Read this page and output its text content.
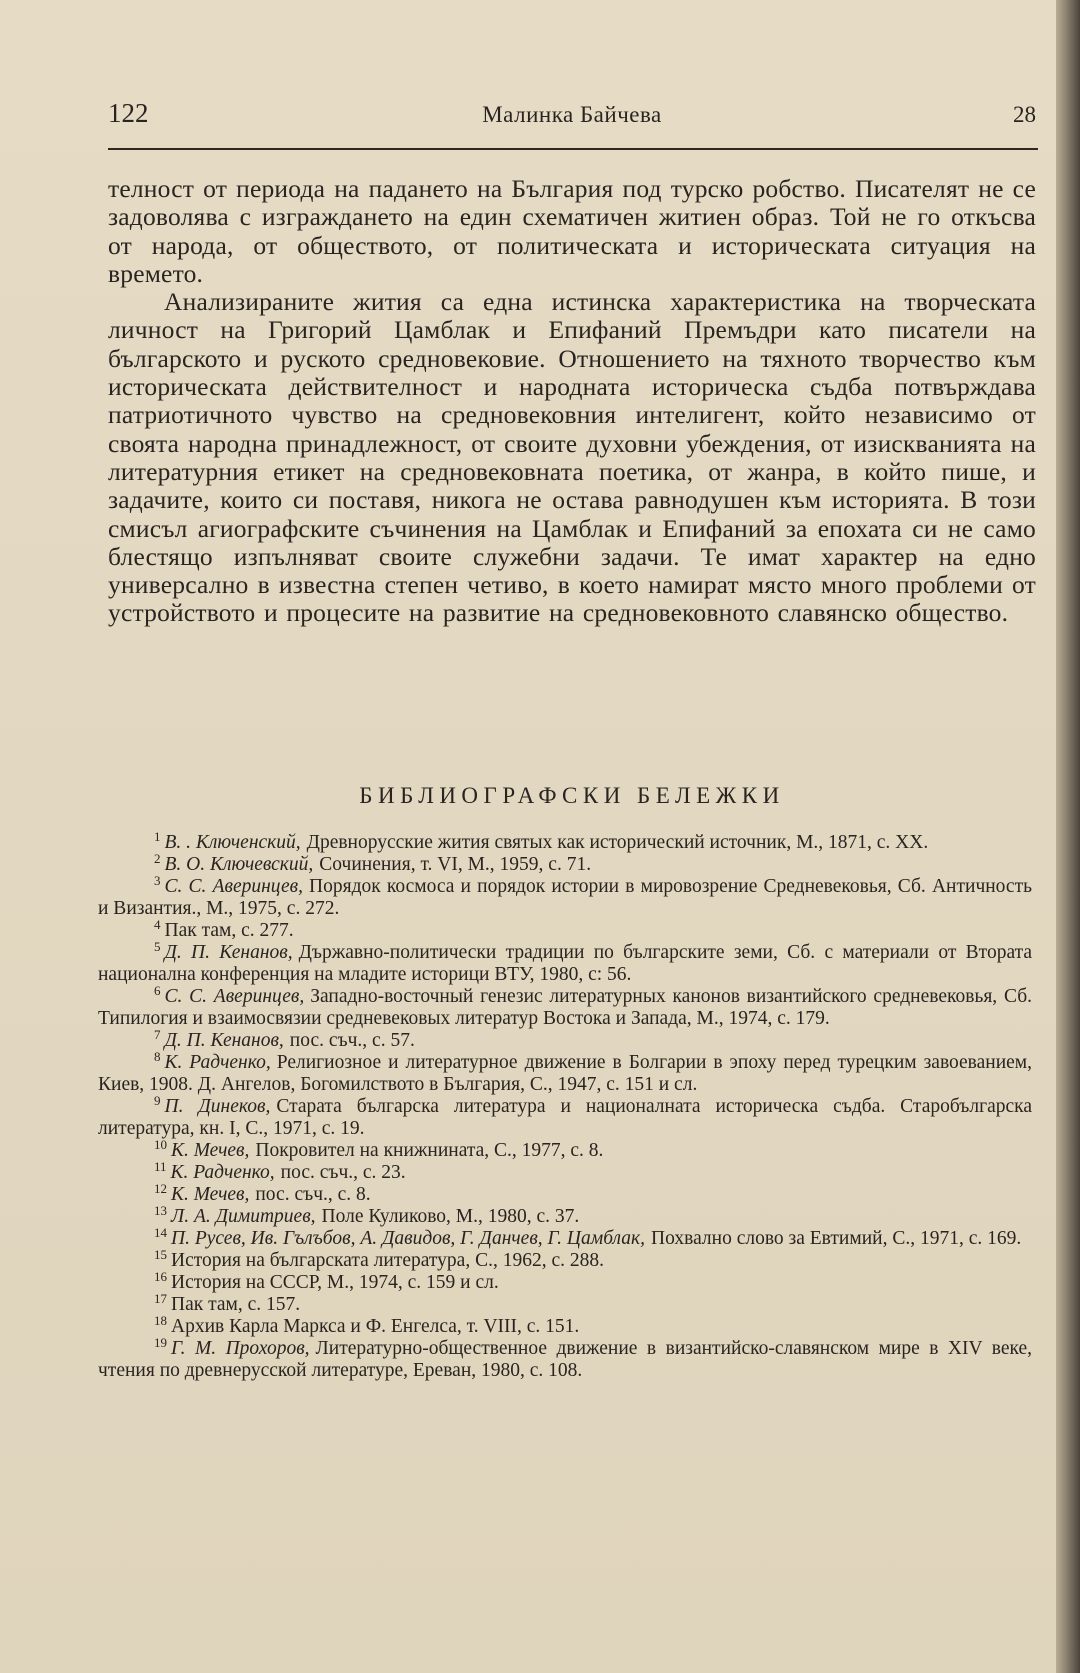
122	Малинка Байчева	28

телност от периода на падането на България под турско робство. Писателят не се задоволява с изграждането на един схематичен житиен образ. Той не го откъсва от народа, от обществото, от политическата и историческата ситуация на времето.

Анализираните жития са една истинска характеристика на творческата личност на Григорий Цамблак и Епифаний Премъдри като писатели на българското и руското средновековие. Отношението на тяхното творчество към историческата действителност и народната историческа съдба потвърждава патриотичното чувство на средновековния интелигент, който независимо от своята народна принадлежност, от своите духовни убеждения, от изискванията на литературния етикет на средновековната поетика, от жанра, в който пише, и задачите, които си поставя, никога не остава равнодушен към историята. В този смисъл агиографските съчинения на Цамблак и Епифаний за епохата си не само блестящо изпълняват своите служебни задачи. Те имат характер на едно универсално в известна степен четиво, в което намират място много проблеми от устройството и процесите на развитие на средновековното славянско общество.

БИБЛИОГРАФСКИ БЕЛЕЖКИ

$^1$ В. . Ключенский, Древнорусские жития святых как исторический источник, М., 1871, с. XX.

$^2$ В. О. Ключевский, Сочинения, т. VI, М., 1959, с. 71.

$^3$ С. С. Аверинцев, Порядок космоса и порядок истории в мировозрение Средневековья, Сб. Античность и Византия., М., 1975, с. 272.

$^4$ Пак там, с. 277.

$^5$ Д. П. Кенанов, Държавно-политически традиции по българските земи, Сб. с материали от Втората национална конференция на младите историци ВТУ, 1980, с: 56.

$^6$ С. С. Аверинцев, Западно-восточный генезис литературных канонов византийского средневековья, Сб. Типилогия и взаимосвязии средневековых литератур Востока и Запада, М., 1974, с. 179.

$^7$ Д. П. Кенанов, пос. съч., с. 57.

$^8$ К. Радченко, Религиозное и литературное движение в Болгарии в эпоху перед турецким завоеванием, Киев, 1908. Д. Ангелов, Богомилството в България, С., 1947, с. 151 и сл.

$^9$ П. Динеков, Старата българска литература и националната историческа съдба. Старобългарска литература, кн. I, С., 1971, с. 19.

$^{10}$ К. Мечев, Покровител на книжнината, С., 1977, с. 8.

$^{11}$ К. Радченко, пос. съч., с. 23.

$^{12}$ К. Мечев, пос. съч., с. 8.

$^{13}$ Л. А. Димитриев, Поле Куликово, М., 1980, с. 37.

$^{14}$ П. Русев, Ив. Гълъбов, А. Давидов, Г. Данчев, Г. Цамблак, Похвално слово за Евтимий, С., 1971, с. 169.

$^{15}$ История на българската литература, С., 1962, с. 288.

$^{16}$ История на СССР, М., 1974, с. 159 и сл.

$^{17}$ Пак там, с. 157.

$^{18}$ Архив Карла Маркса и Ф. Енгелса, т. VIII, с. 151.

$^{19}$ Г. М. Прохоров, Литературно-общественное движение в византийско-славянском мире в XIV веке, чтения по древнерусской литературе, Ереван, 1980, с. 108.
